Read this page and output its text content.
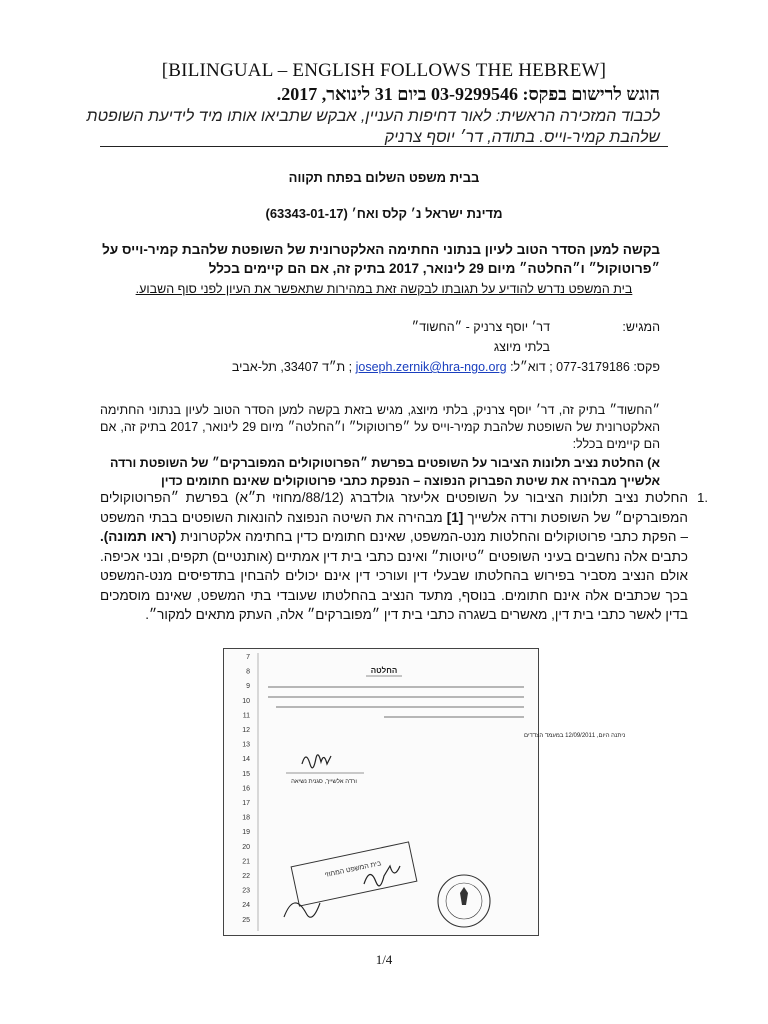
[BILINGUAL – ENGLISH FOLLOWS THE HEBREW]
הוגש לרישום בפקס: 03-9299546 ביום 31 לינואר, 2017.
לכבוד המזכירה הראשית: לאור דחיפות העניין, אבקש שתביאו אותו מיד לידיעת השופטת שלהבת קמיר-וייס. בתודה, דר׳ יוסף צרניק
בבית משפט השלום בפתח תקווה
מדינת ישראל נ׳ קלס ואח׳ (63343-01-17)
בקשה למען הסדר הטוב לעיון בנתוני החתימה האלקטרונית של השופטת שלהבת קמיר-וייס על ״פרוטוקול״ ו״החלטה״ מיום 29 לינואר, 2017 בתיק זה, אם הם קיימים בכלל
בית המשפט נדרש להודיע על תגובתו לבקשה זאת במהירות שתאפשר את העיון לפני סוף השבוע.
המגיש:
דר׳ יוסף צרניק - ״החשוד״
בלתי מיוצג
פקס: 077-3179186 ; דוא״ל: joseph.zernik@hra-ngo.org ; ת״ד 33407, תל-אביב
״החשוד״ בתיק זה, דר׳ יוסף צרניק, בלתי מיוצג, מגיש בזאת בקשה למען הסדר הטוב לעיון בנתוני החתימה האלקטרונית של השופטת שלהבת קמיר-וייס על ״פרוטוקול״ ו״החלטה״ מיום 29 לינואר, 2017 בתיק זה, אם הם קיימים בכלל:
א) החלטת נציב תלונות הציבור על השופטים בפרשת ״הפרוטוקולים המפוברקים״ של השופטת ורדה אלשייך מבהירה את שיטת הפברוק הנפוצה – הנפקת כתבי פרוטוקולים שאינם חתומים כדין
1.
החלטת נציב תלונות הציבור על השופטים אליעזר גולדברג (88/12/מחוזי ת״א) בפרשת ״הפרוטוקולים המפוברקים״ של השופטת ורדה אלשייך [1] מבהירה את השיטה הנפוצה להונאות השופטים בבתי המשפט – הפקת כתבי פרוטוקולים והחלטות מנט-המשפט, שאינם חתומים כדין בחתימה אלקטרונית (ראו תמונה). כתבים אלה נחשבים בעיני השופטים ״טיוטות״ ואינם כתבי בית דין אמתיים (אותנטיים) תקפים, ובני אכיפה. אולם הנציב מסביר בפירוש בהחלטתו שבעלי דין ועורכי דין אינם יכולים להבחין בתדפיסים מנט-המשפט בכך שכתבים אלה אינם חתומים. בנוסף, מתעד הנציב בהחלטתו שעובדי בתי המשפט, שאינם מוסמכים בדין לאשר כתבי בית דין, מאשרים בשגרה כתבי בית דין ״מפוברקים״ אלה, העתק מתאים למקור״.
7
8
9
10
11
12
13
14
15
16
17
18
19
20
21
22
23
24
25
החלטה
ניתנה היום, 12/09/2011 במעמד הצדדים
ורדה אלשייך, סגנית נשיאה
בית המשפט המחוזי
1/4
